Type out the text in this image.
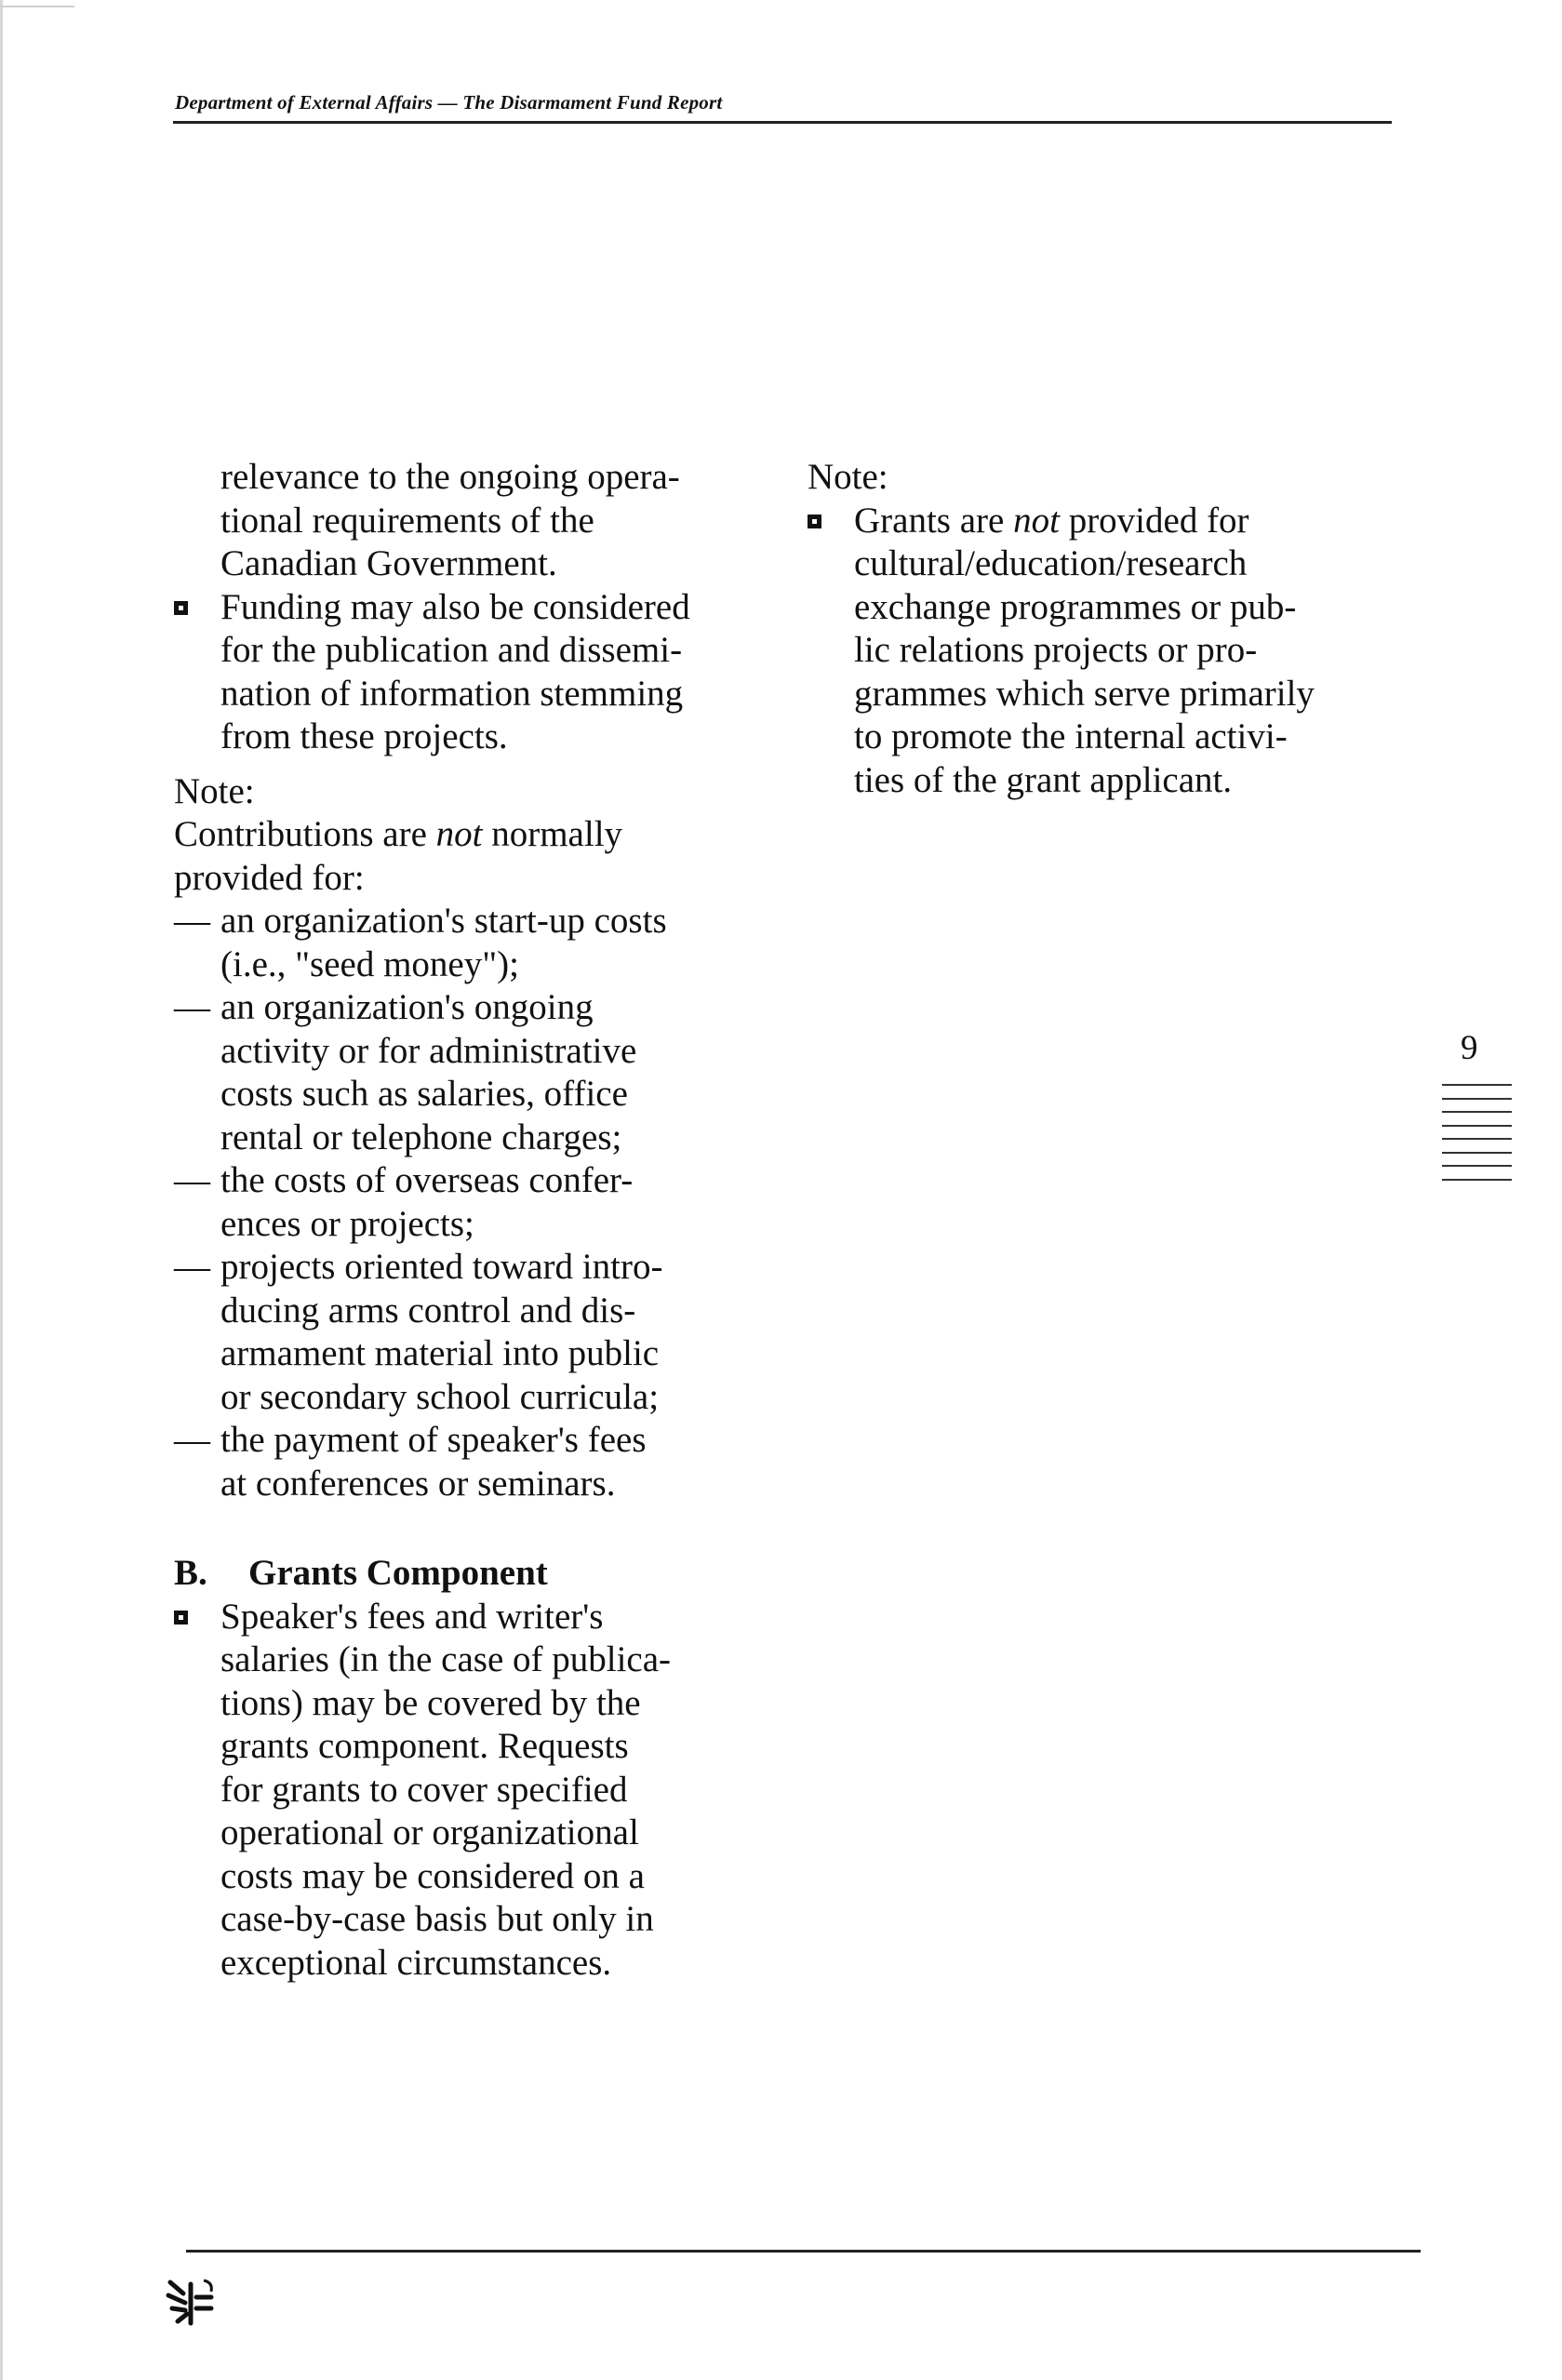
Department of External Affairs — The Disarmament Fund Report
relevance to the ongoing opera-
tional requirements of the
Canadian Government.
Funding may also be considered
for the publication and dissemi-
nation of information stemming
from these projects.
Note:
Contributions are not normally
provided for:
— an organization's start-up costs
(i.e., "seed money");
— an organization's ongoing
activity or for administrative
costs such as salaries, office
rental or telephone charges;
— the costs of overseas confer-
ences or projects;
— projects oriented toward intro-
ducing arms control and dis-
armament material into public
or secondary school curricula;
— the payment of speaker's fees
at conferences or seminars.
B. Grants Component
Speaker's fees and writer's
salaries (in the case of publica-
tions) may be covered by the
grants component. Requests
for grants to cover specified
operational or organizational
costs may be considered on a
case-by-case basis but only in
exceptional circumstances.
Note:
Grants are not provided for
cultural/education/research
exchange programmes or pub-
lic relations projects or pro-
grammes which serve primarily
to promote the internal activi-
ties of the grant applicant.
9
